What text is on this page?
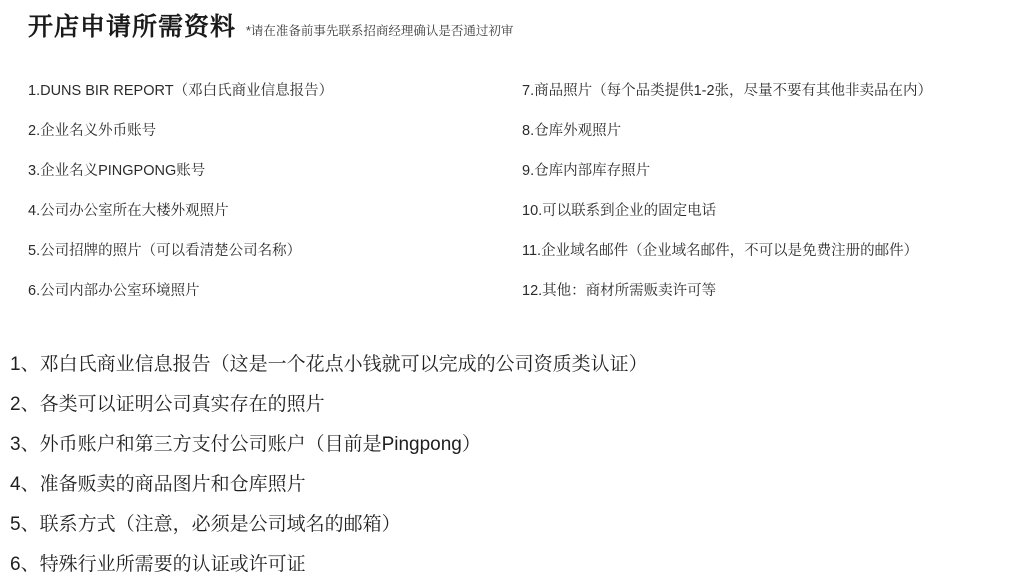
开店申请所需资料 *请在准备前事先联系招商经理确认是否通过初审
1.DUNS BIR REPORT（邓白氏商业信息报告）
2.企业名义外币账号
3.企业名义PINGPONG账号
4.公司办公室所在大楼外观照片
5.公司招牌的照片（可以看清楚公司名称）
6.公司内部办公室环境照片
7.商品照片（每个品类提供1-2张，尽量不要有其他非卖品在内）
8.仓库外观照片
9.仓库内部库存照片
10.可以联系到企业的固定电话
11.企业域名邮件（企业域名邮件，不可以是免费注册的邮件）
12.其他：商材所需贩卖许可等
1、邓白氏商业信息报告（这是一个花点小钱就可以完成的公司资质类认证）
2、各类可以证明公司真实存在的照片
3、外币账户和第三方支付公司账户（目前是Pingpong）
4、准备贩卖的商品图片和仓库照片
5、联系方式（注意，必须是公司域名的邮箱）
6、特殊行业所需要的认证或许可证
